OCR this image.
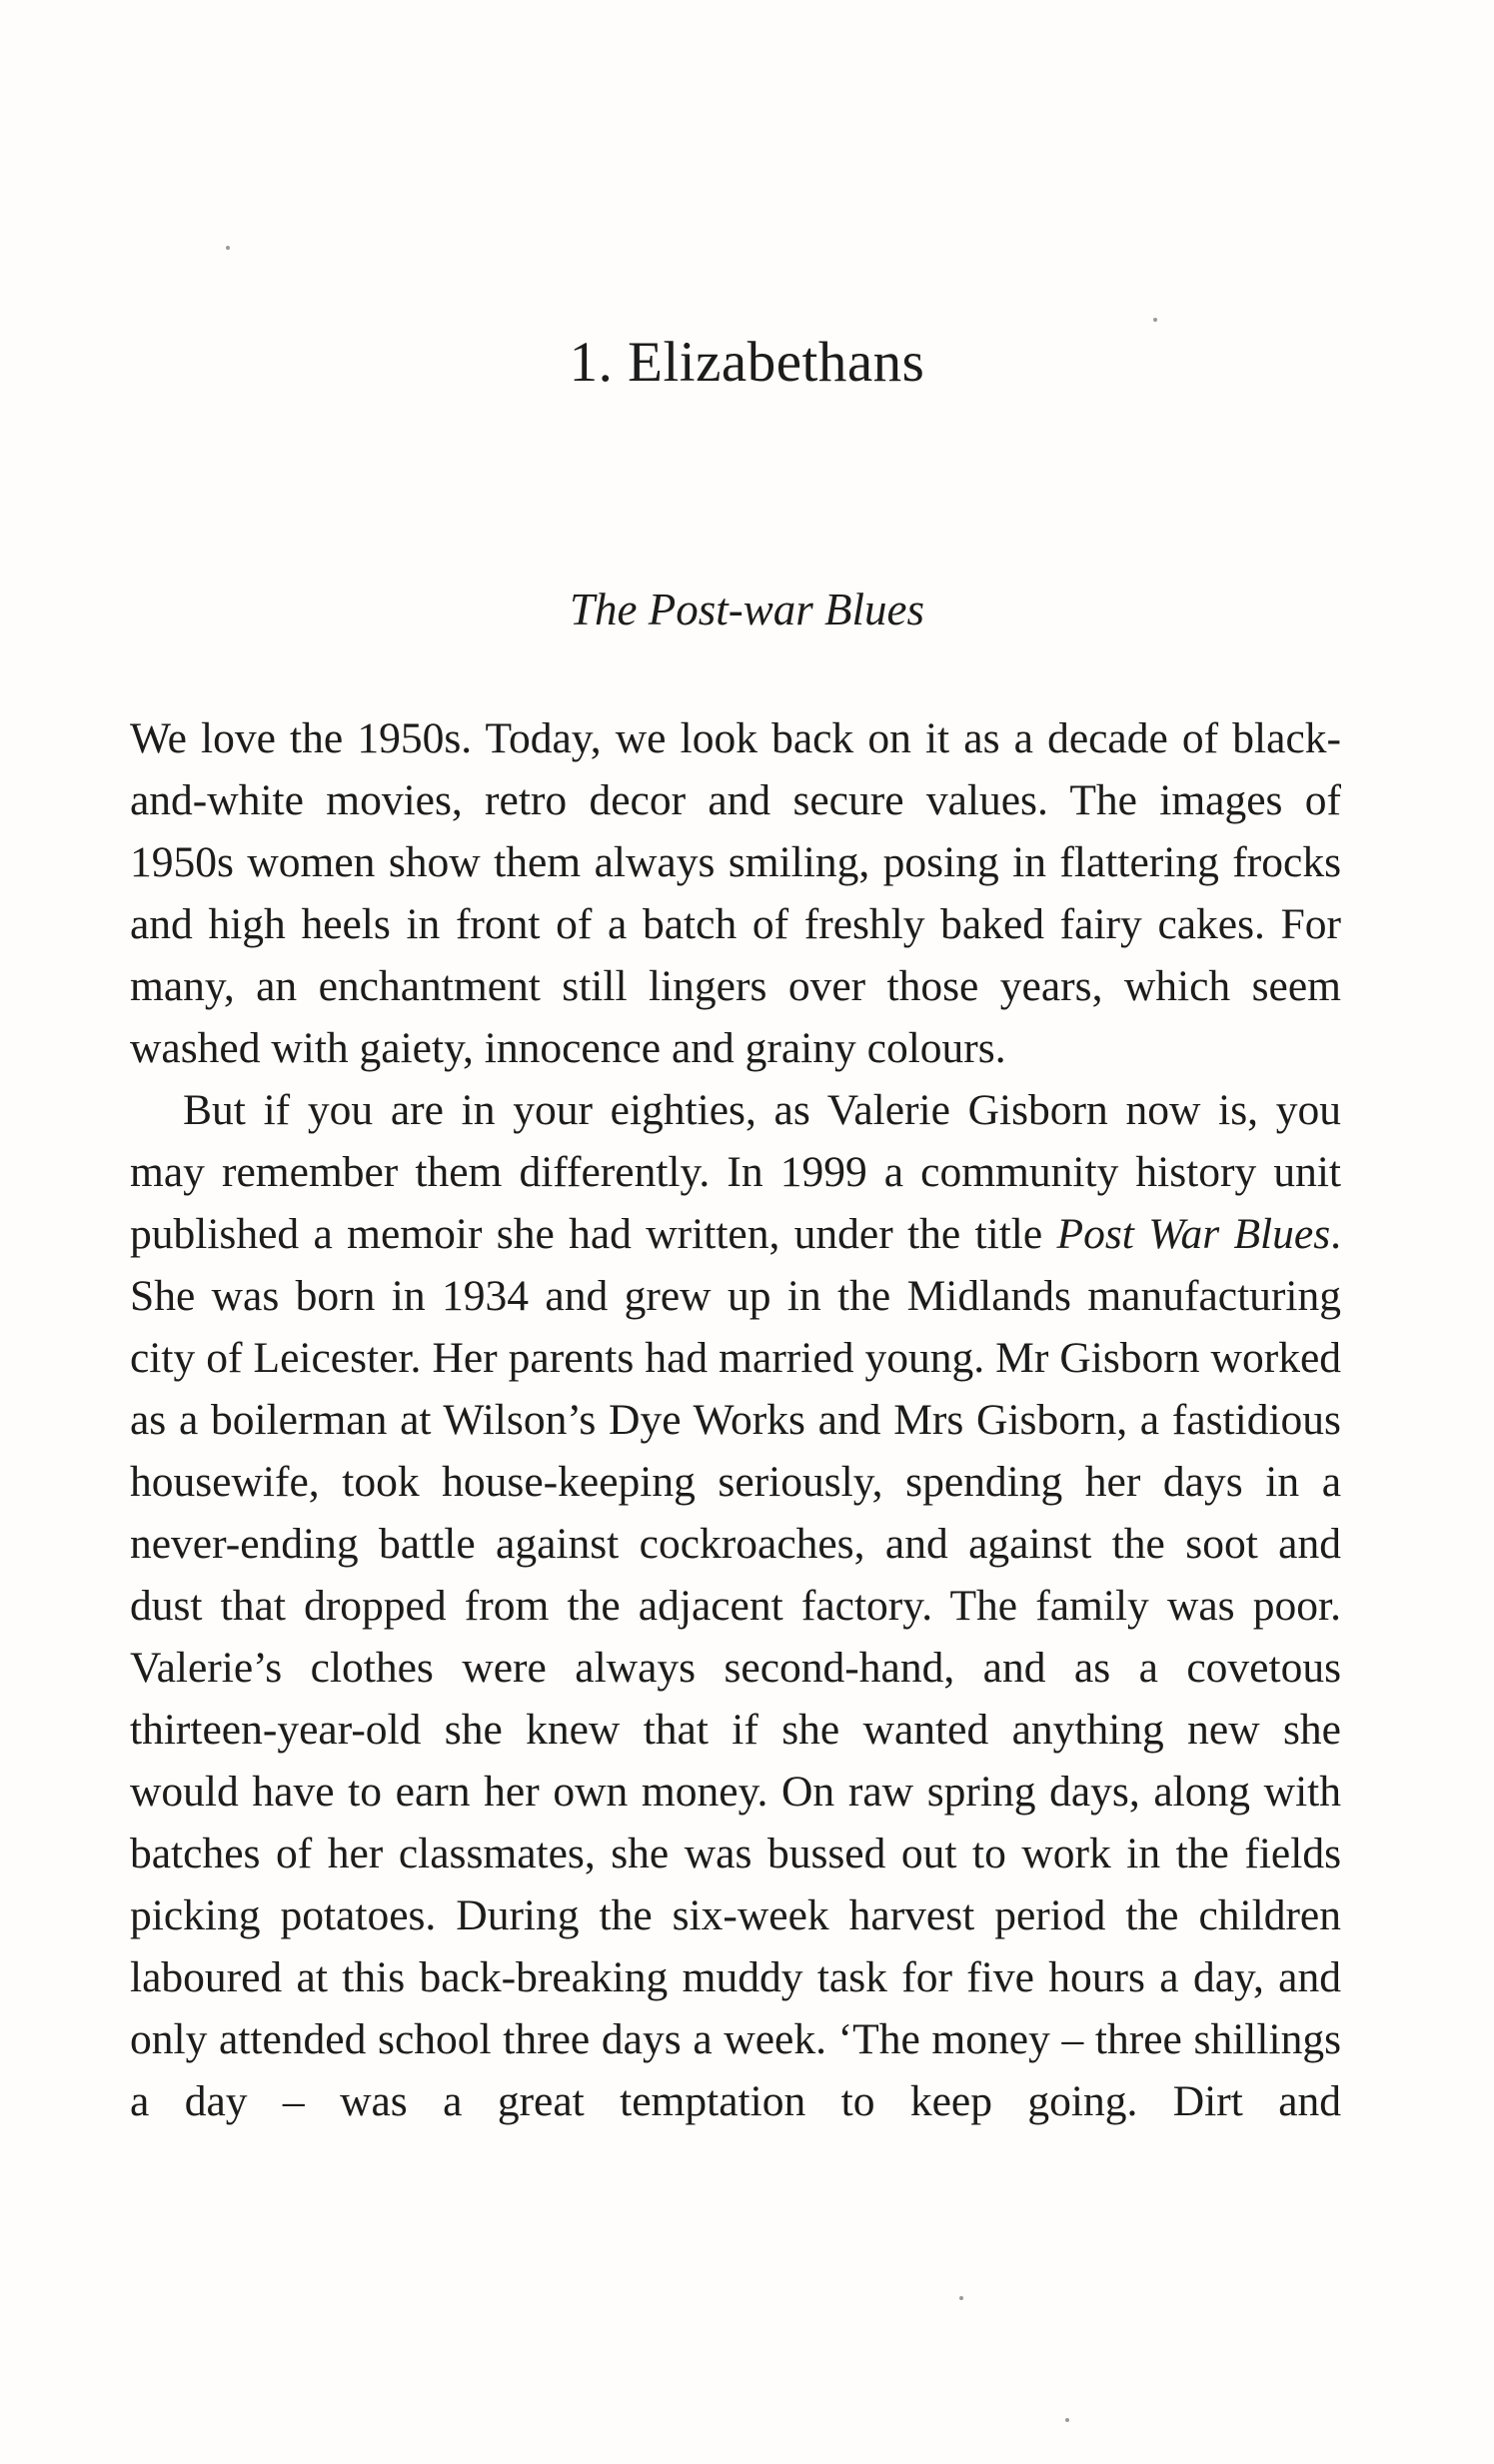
1. Elizabethans
The Post-war Blues

We love the 1950s. Today, we look back on it as a decade of black-and-white movies, retro decor and secure values. The images of 1950s women show them always smiling, posing in flattering frocks and high heels in front of a batch of freshly baked fairy cakes. For many, an enchantment still lingers over those years, which seem washed with gaiety, innocence and grainy colours.

But if you are in your eighties, as Valerie Gisborn now is, you may remember them differently. In 1999 a community history unit published a memoir she had written, under the title Post War Blues. She was born in 1934 and grew up in the Midlands manufacturing city of Leicester. Her parents had married young. Mr Gisborn worked as a boilerman at Wilson’s Dye Works and Mrs Gisborn, a fastidious housewife, took house-keeping seriously, spending her days in a never-ending battle against cockroaches, and against the soot and dust that dropped from the adjacent factory. The family was poor. Valerie’s clothes were always second-hand, and as a covetous thirteen-year-old she knew that if she wanted anything new she would have to earn her own money. On raw spring days, along with batches of her classmates, she was bussed out to work in the fields picking potatoes. During the six-week harvest period the children laboured at this back-breaking muddy task for five hours a day, and only attended school three days a week. ‘The money – three shillings a day – was a great temptation to keep going. Dirt and
